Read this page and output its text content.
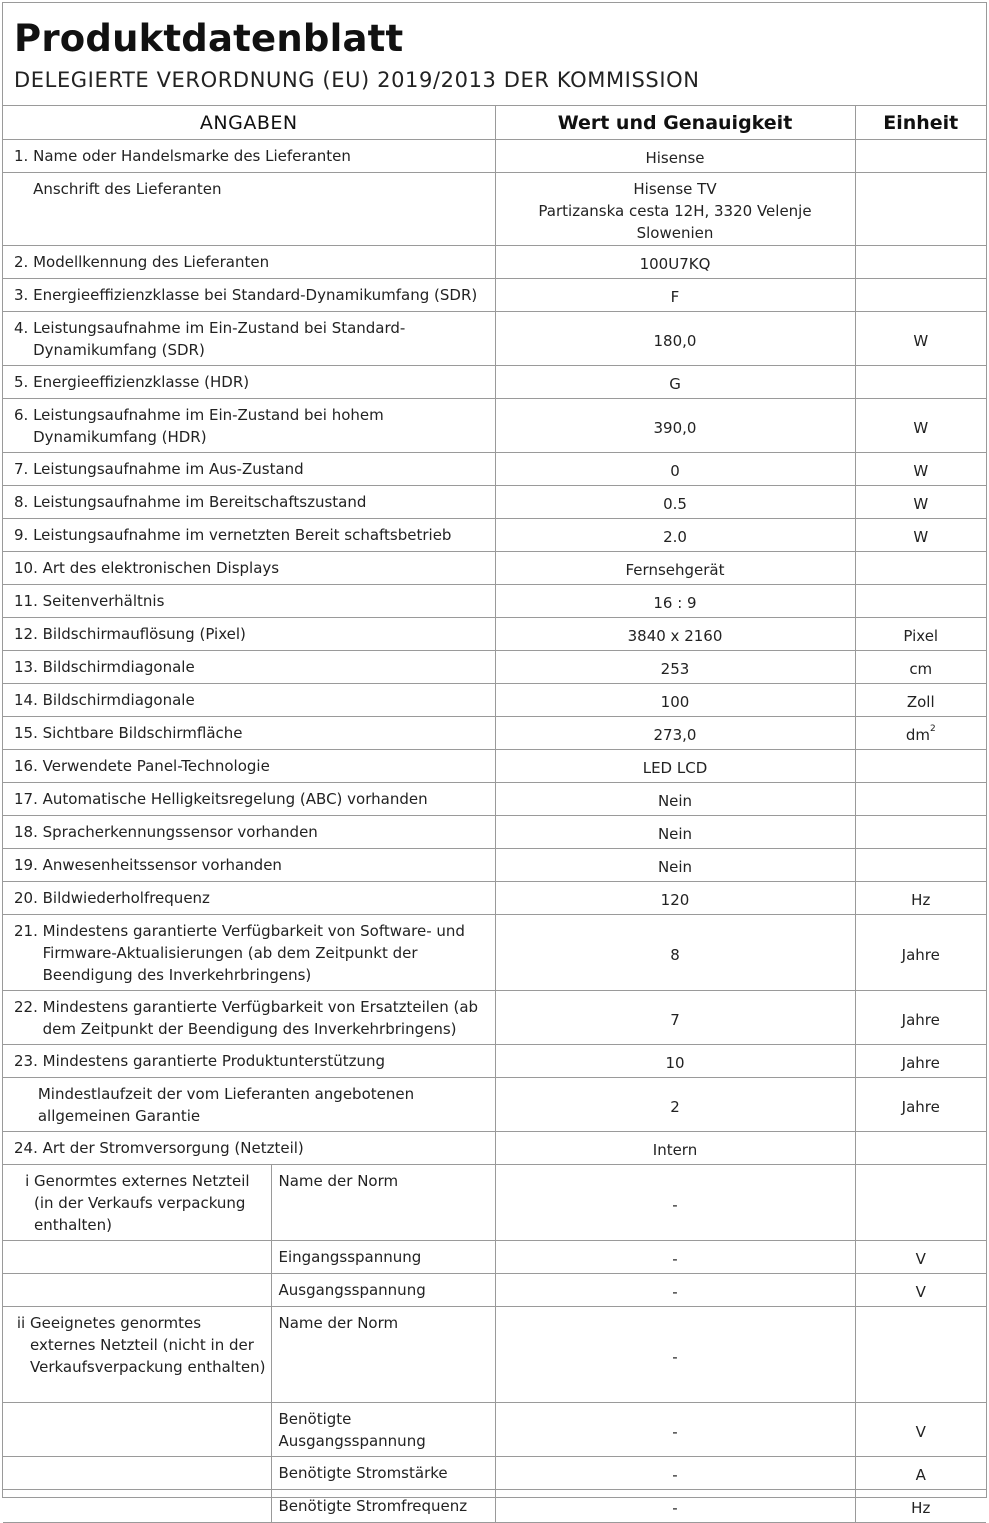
Produktdatenblatt
DELEGIERTE VERORDNUNG (EU) 2019/2013 DER KOMMISSION
ANGABEN		Wert und Genauigkeit	Einheit

1. Name oder Handelsmarke des Lieferanten		Hisense	

Anschrift des Lieferanten		Hisense TV
Partizanska cesta 12H, 3320 Velenje
Slowenien	

2. Modellkennung des Lieferanten		100U7KQ	

3. Energieeffizienzklasse bei Standard-Dynamikumfang (SDR)		F	

4. Leistungsaufnahme im Ein-Zustand bei Standard-Dynamikumfang (SDR)		180,0	W

5. Energieeffizienzklasse (HDR)		G	

6. Leistungsaufnahme im Ein-Zustand bei hohem Dynamikumfang (HDR)		390,0	W

7. Leistungsaufnahme im Aus-Zustand		0	W

8. Leistungsaufnahme im Bereitschaftszustand		0.5	W

9. Leistungsaufnahme im vernetzten Bereit schaftsbetrieb		2.0	W

10. Art des elektronischen Displays		Fernsehgerät	

11. Seitenverhältnis		16 : 9	

12. Bildschirmauflösung (Pixel)		3840 x 2160	Pixel

13. Bildschirmdiagonale		253	cm

14. Bildschirmdiagonale		100	Zoll

15. Sichtbare Bildschirmfläche		273,0	$dm^2$

16. Verwendete Panel-Technologie		LED LCD	

17. Automatische Helligkeitsregelung (ABC) vorhanden		Nein	

18. Spracherkennungssensor vorhanden		Nein	

19. Anwesenheitssensor vorhanden		Nein	

20. Bildwiederholfrequenz		120	Hz

21. Mindestens garantierte Verfügbarkeit von Software- und Firmware-Aktualisierungen (ab dem Zeitpunkt der Beendigung des Inverkehrbringens)		8	Jahre

22. Mindestens garantierte Verfügbarkeit von Ersatzteilen (ab dem Zeitpunkt der Beendigung des Inverkehrbringens)		7	Jahre

23. Mindestens garantierte Produktunterstützung		10	Jahre

Mindestlaufzeit der vom Lieferanten angebotenen allgemeinen Garantie		2	Jahre

24. Art der Stromversorgung (Netzteil)		Intern	

i Genormtes externes Netzteil (in der Verkaufs verpackung enthalten)	Name der Norm	-	
	Eingangsspannung	-	V
	Ausgangsspannung	-	V

ii Geeignetes genormtes externes Netzteil (nicht in der Verkaufsverpackung enthalten)	Name der Norm	-	
	Benötigte Ausgangsspannung	-	V
	Benötigte Stromstärke	-	A
	Benötigte Stromfrequenz	-	Hz
